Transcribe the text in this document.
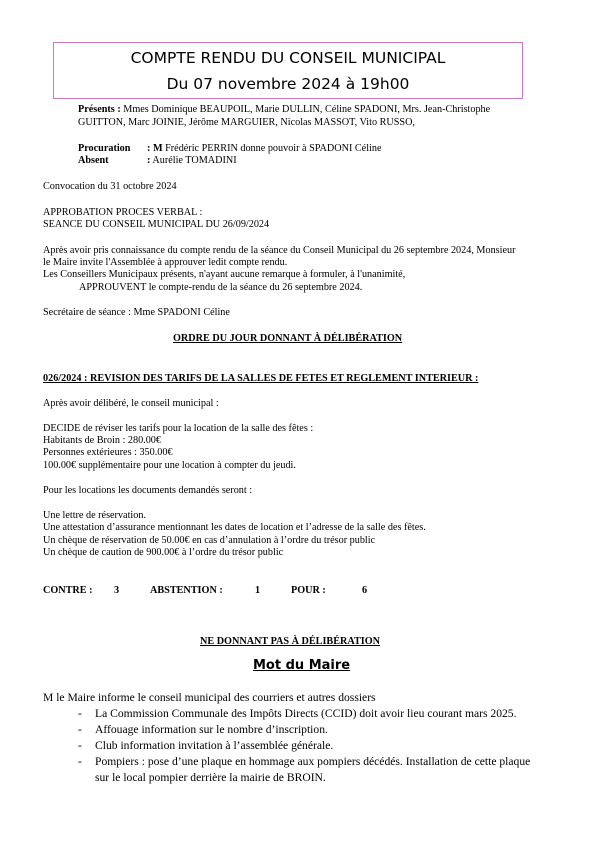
COMPTE RENDU DU CONSEIL MUNICIPAL
Du 07 novembre 2024 à 19h00
Présents : Mmes Dominique BEAUPOIL, Marie DULLIN, Céline SPADONI, Mrs. Jean-Christophe
GUITTON, Marc JOINIE, Jérôme MARGUIER, Nicolas MASSOT, Vito RUSSO,
Procuration : M Frédéric PERRIN donne pouvoir à SPADONI Céline
Absent	: Aurélie TOMADINI
Convocation du 31 octobre 2024
APPROBATION PROCES VERBAL :
SEANCE DU CONSEIL MUNICIPAL DU 26/09/2024
Après avoir pris connaissance du compte rendu de la séance du Conseil Municipal du 26 septembre 2024, Monsieur
le Maire invite l'Assemblée à approuver ledit compte rendu.
Les Conseillers Municipaux présents, n'ayant aucune remarque à formuler, à l'unanimité,
APPROUVENT le compte-rendu de la séance du 26 septembre 2024.
Secrétaire de séance : Mme SPADONI Céline
ORDRE DU JOUR DONNANT À DÉLIBÉRATION
026/2024 : REVISION DES TARIFS DE LA SALLES DE FETES ET REGLEMENT INTERIEUR :
Après avoir délibéré, le conseil municipal :
DECIDE de réviser les tarifs pour la location de la salle des fêtes :
Habitants de Broin : 280.00€
Personnes extérieures : 350.00€
100.00€ supplémentaire pour une location à compter du jeudi.
Pour les locations les documents demandés seront :
Une lettre de réservation.
Une attestation d’assurance mentionnant les dates de location et l’adresse de la salle des fêtes.
Un chèque de réservation de 50.00€ en cas d’annulation à l’ordre du trésor public
Un chèque de caution de 900.00€ à l’ordre du trésor public
CONTRE : 3	ABSTENTION :	1	POUR :	6
NE DONNANT PAS À DÉLIBÉRATION
Mot du Maire
M le Maire informe le conseil municipal des courriers et autres dossiers
- La Commission Communale des Impôts Directs (CCID) doit avoir lieu courant mars 2025.
- Affouage information sur le nombre d’inscription.
- Club information invitation à l’assemblée générale.
- Pompiers : pose d’une plaque en hommage aux pompiers décédés. Installation de cette plaque
sur le local pompier derrière la mairie de BROIN.
